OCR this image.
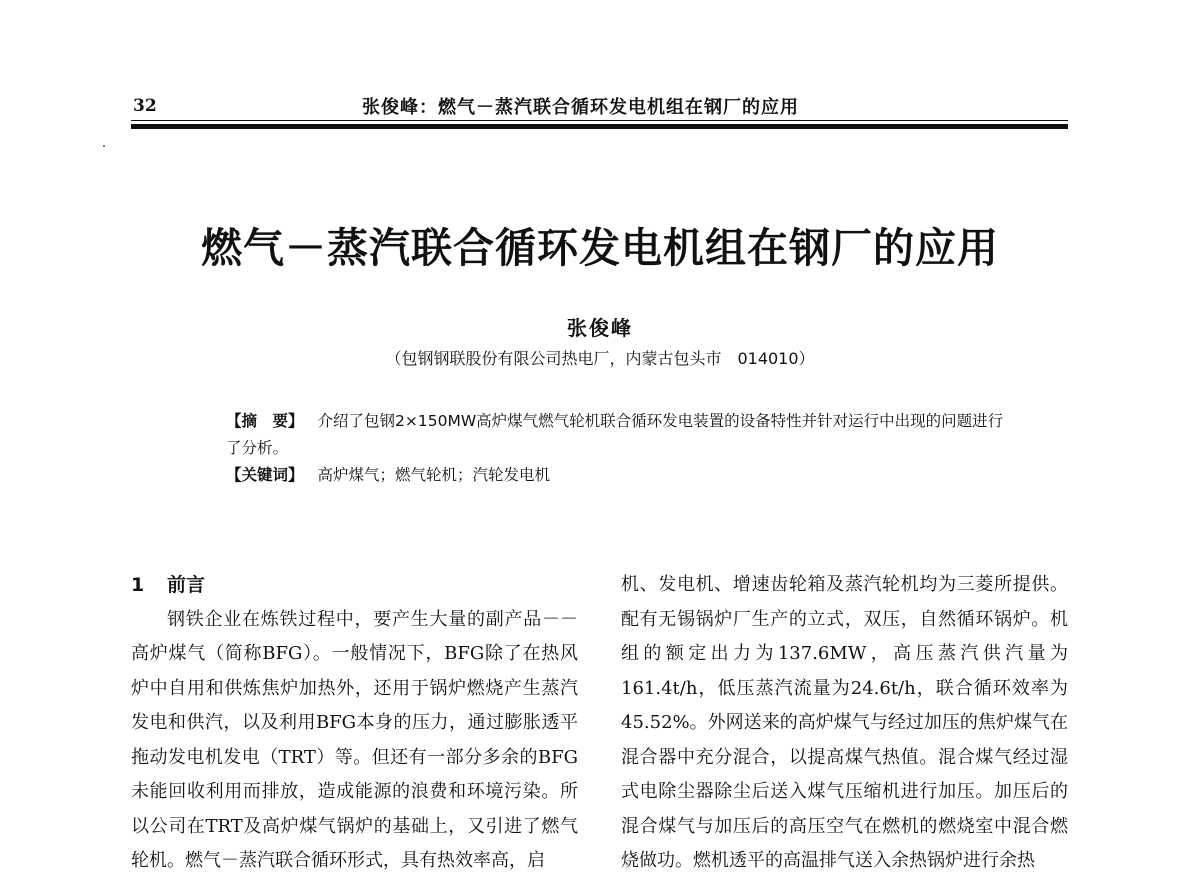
32	张俊峰：燃气－蒸汽联合循环发电机组在钢厂的应用
燃气－蒸汽联合循环发电机组在钢厂的应用
张俊峰
（包钢钢联股份有限公司热电厂，内蒙古包头市　014010）
【摘　要】 介绍了包钢2×150MW高炉煤气燃气轮机联合循环发电装置的设备特性并针对运行中出现的问题进行了分析。
【关键词】 高炉煤气；燃气轮机；汽轮发电机
1 前言

钢铁企业在炼铁过程中，要产生大量的副产品－－高炉煤气（简称BFG）。一般情况下，BFG除了在热风炉中自用和供炼焦炉加热外，还用于锅炉燃烧产生蒸汽发电和供汽，以及利用BFG本身的压力，通过膨胀透平拖动发电机发电（TRT）等。但还有一部分多余的BFG未能回收利用而排放，造成能源的浪费和环境污染。所以公司在TRT及高炉煤气锅炉的基础上，又引进了燃气轮机。燃气－蒸汽联合循环形式，具有热效率高，启

机、发电机、增速齿轮箱及蒸汽轮机均为三菱所提供。配有无锡锅炉厂生产的立式，双压，自然循环锅炉。机组的额定出力为137.6MW，高压蒸汽供汽量为161.4t/h，低压蒸汽流量为24.6t/h，联合循环效率为45.52%。外网送来的高炉煤气与经过加压的焦炉煤气在混合器中充分混合，以提高煤气热值。混合煤气经过湿式电除尘器除尘后送入煤气压缩机进行加压。加压后的混合煤气与加压后的高压空气在燃机的燃烧室中混合燃烧做功。燃机透平的高温排气送入余热锅炉进行余热
